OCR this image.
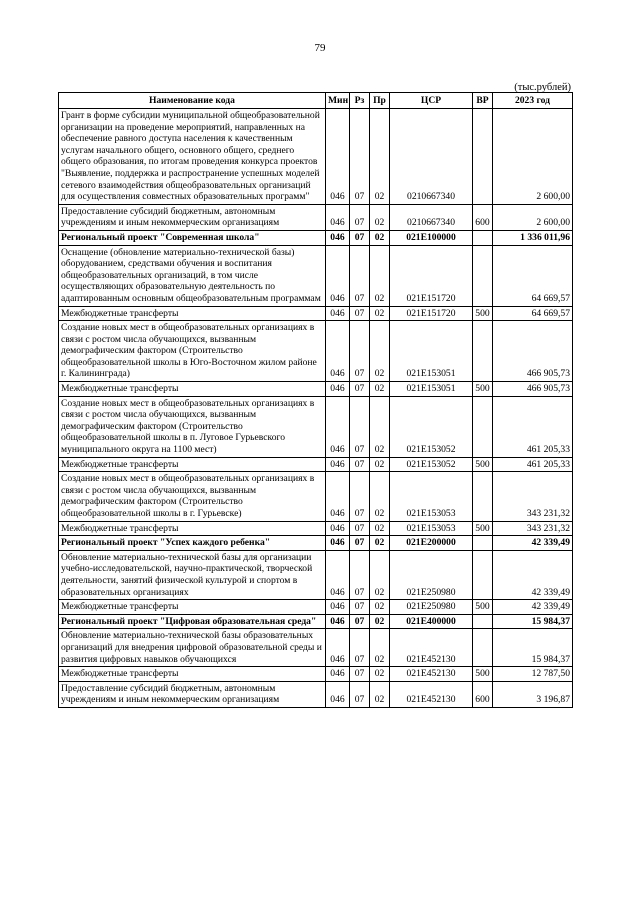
79
(тыс.рублей)
Наименование кода	Мин	Рз	Пр	ЦСР	ВР	2023 год
Грант в форме субсидии муниципальной общеобразовательной организации на проведение мероприятий, направленных на обеспечение равного доступа населения к качественным услугам начального общего, основного общего, среднего общего образования, по итогам проведения конкурса проектов "Выявление, поддержка и распространение успешных моделей сетевого взаимодействия общеобразовательных организаций для осуществления совместных образовательных программ"	046	07	02	0210667340		2 600,00
Предоставление субсидий бюджетным, автономным учреждениям и иным некоммерческим организациям	046	07	02	0210667340	600	2 600,00
Региональный проект "Современная школа"	046	07	02	021E100000		1 336 011,96
Оснащение (обновление материально-технической базы) оборудованием, средствами обучения и воспитания общеобразовательных организаций, в том числе осуществляющих образовательную деятельность по адаптированным основным общеобразовательным программам	046	07	02	021E151720		64 669,57
Межбюджетные трансферты	046	07	02	021E151720	500	64 669,57
Создание новых мест в общеобразовательных организациях в связи с ростом числа обучающихся, вызванным демографическим фактором (Строительство общеобразовательной школы в Юго-Восточном жилом районе г. Калининграда)	046	07	02	021E153051		466 905,73
Межбюджетные трансферты	046	07	02	021E153051	500	466 905,73
Создание новых мест в общеобразовательных организациях в связи с ростом числа обучающихся, вызванным демографическим фактором (Строительство общеобразовательной школы в п. Луговое Гурьевского муниципального округа на 1100 мест)	046	07	02	021E153052		461 205,33
Межбюджетные трансферты	046	07	02	021E153052	500	461 205,33
Создание новых мест в общеобразовательных организациях в связи с ростом числа обучающихся, вызванным демографическим фактором (Строительство общеобразовательной школы в г. Гурьевске)	046	07	02	021E153053		343 231,32
Межбюджетные трансферты	046	07	02	021E153053	500	343 231,32
Региональный проект "Успех каждого ребенка"	046	07	02	021E200000		42 339,49
Обновление материально-технической базы для организации учебно-исследовательской, научно-практической, творческой деятельности, занятий физической культурой и спортом в образовательных организациях	046	07	02	021E250980		42 339,49
Межбюджетные трансферты	046	07	02	021E250980	500	42 339,49
Региональный проект "Цифровая образовательная среда"	046	07	02	021E400000		15 984,37
Обновление материально-технической базы образовательных организаций для внедрения цифровой образовательной среды и развития цифровых навыков обучающихся	046	07	02	021E452130		15 984,37
Межбюджетные трансферты	046	07	02	021E452130	500	12 787,50
Предоставление субсидий бюджетным, автономным учреждениям и иным некоммерческим организациям	046	07	02	021E452130	600	3 196,87
